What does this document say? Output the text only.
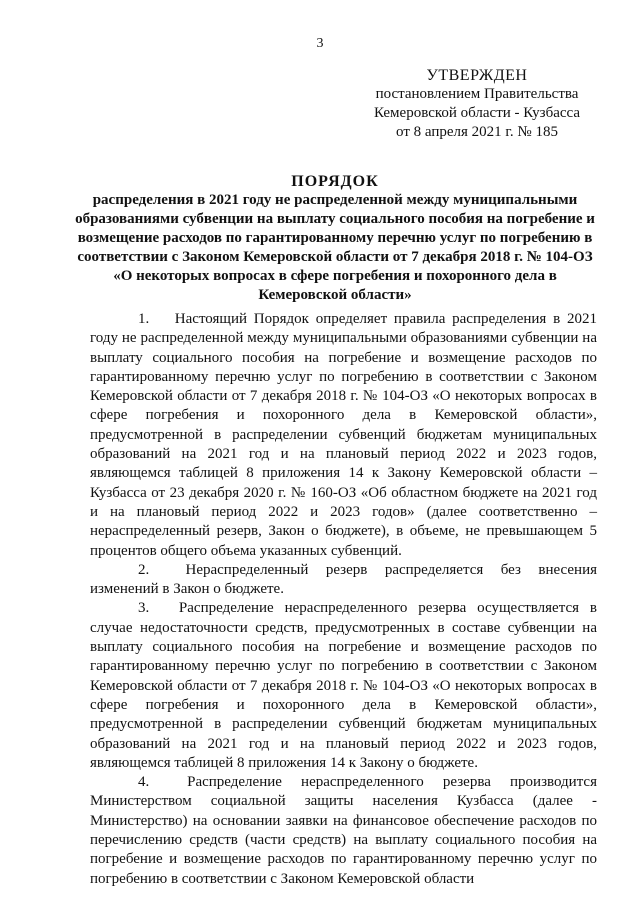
3
УТВЕРЖДЕН
постановлением Правительства
Кемеровской области - Кузбасса
от 8 апреля 2021 г. № 185
ПОРЯДОК
распределения в 2021 году не распределенной между муниципальными образованиями субвенции на выплату социального пособия на погребение и возмещение расходов по гарантированному перечню услуг по погребению в соответствии с Законом Кемеровской области от 7 декабря 2018 г. № 104-ОЗ «О некоторых вопросах в сфере погребения и похоронного дела в Кемеровской области»

1. Настоящий Порядок определяет правила распределения в 2021 году не распределенной между муниципальными образованиями субвенции на выплату социального пособия на погребение и возмещение расходов по гарантированному перечню услуг по погребению в соответствии с Законом Кемеровской области от 7 декабря 2018 г. № 104-ОЗ «О некоторых вопросах в сфере погребения и похоронного дела в Кемеровской области», предусмотренной в распределении субвенций бюджетам муниципальных образований на 2021 год и на плановый период 2022 и 2023 годов, являющемся таблицей 8 приложения 14 к Закону Кемеровской области – Кузбасса от 23 декабря 2020 г. № 160-ОЗ «Об областном бюджете на 2021 год и на плановый период 2022 и 2023 годов» (далее соответственно – нераспределенный резерв, Закон о бюджете), в объеме, не превышающем 5 процентов общего объема указанных субвенций.

2. Нераспределенный резерв распределяется без внесения изменений в Закон о бюджете.

3. Распределение нераспределенного резерва осуществляется в случае недостаточности средств, предусмотренных в составе субвенции на выплату социального пособия на погребение и возмещение расходов по гарантированному перечню услуг по погребению в соответствии с Законом Кемеровской области от 7 декабря 2018 г. № 104-ОЗ «О некоторых вопросах в сфере погребения и похоронного дела в Кемеровской области», предусмотренной в распределении субвенций бюджетам муниципальных образований на 2021 год и на плановый период 2022 и 2023 годов, являющемся таблицей 8 приложения 14 к Закону о бюджете.

4.	Распределение нераспределенного резерва производится Министерством социальной защиты населения Кузбасса (далее - Министерство) на основании заявки на финансовое обеспечение расходов по перечислению средств (части средств) на выплату социального пособия на погребение и возмещение расходов по гарантированному перечню услуг по погребению в соответствии с Законом Кемеровской области
